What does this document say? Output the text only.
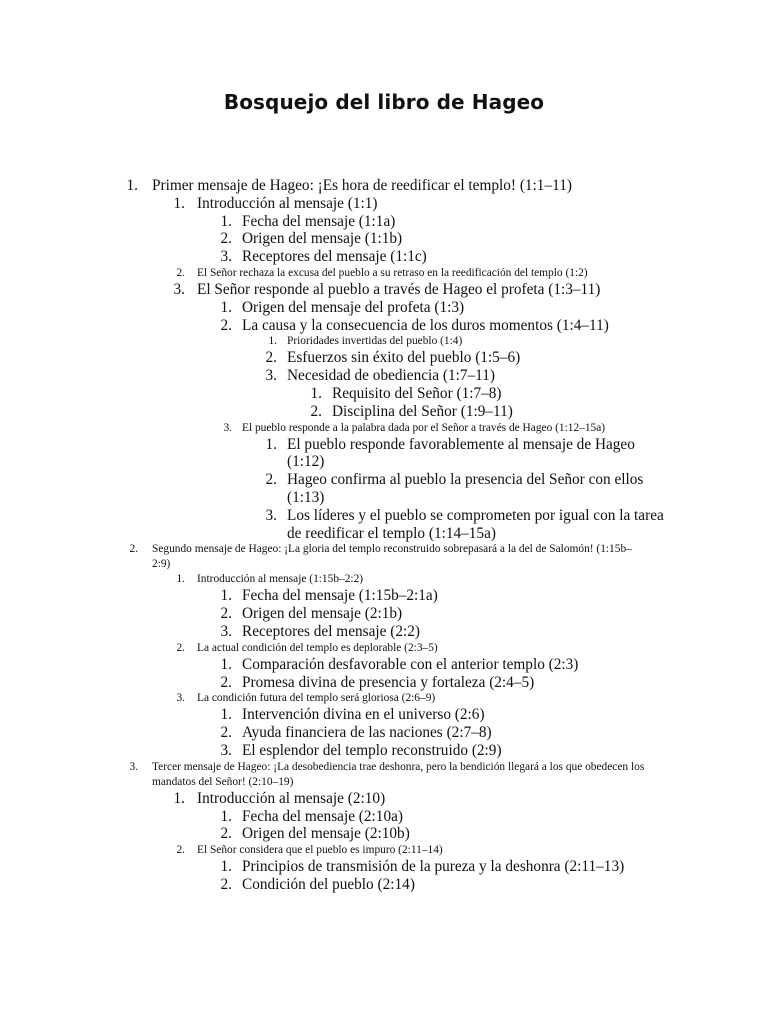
Bosquejo del libro de Hageo
1. Primer mensaje de Hageo: ¡Es hora de reedificar el templo! (1:1–11)
1. Introducción al mensaje (1:1)
1. Fecha del mensaje (1:1a)
2. Origen del mensaje (1:1b)
3. Receptores del mensaje (1:1c)
2. El Señor rechaza la excusa del pueblo a su retraso en la reedificación del templo (1:2)
3. El Señor responde al pueblo a través de Hageo el profeta (1:3–11)
1. Origen del mensaje del profeta (1:3)
2. La causa y la consecuencia de los duros momentos (1:4–11)
1. Prioridades invertidas del pueblo (1:4)
2. Esfuerzos sin éxito del pueblo (1:5–6)
3. Necesidad de obediencia (1:7–11)
1. Requisito del Señor (1:7–8)
2. Disciplina del Señor (1:9–11)
3. El pueblo responde a la palabra dada por el Señor a través de Hageo (1:12–15a)
1. El pueblo responde favorablemente al mensaje de Hageo (1:12)
2. Hageo confirma al pueblo la presencia del Señor con ellos (1:13)
3. Los líderes y el pueblo se comprometen por igual con la tarea de reedificar el templo (1:14–15a)
2. Segundo mensaje de Hageo: ¡La gloria del templo reconstruido sobrepasará a la del de Salomón! (1:15b–2:9)
1. Introducción al mensaje (1:15b–2:2)
1. Fecha del mensaje (1:15b–2:1a)
2. Origen del mensaje (2:1b)
3. Receptores del mensaje (2:2)
2. La actual condición del templo es deplorable (2:3–5)
1. Comparación desfavorable con el anterior templo (2:3)
2. Promesa divina de presencia y fortaleza (2:4–5)
3. La condición futura del templo será gloriosa (2:6–9)
1. Intervención divina en el universo (2:6)
2. Ayuda financiera de las naciones (2:7–8)
3. El esplendor del templo reconstruido (2:9)
3. Tercer mensaje de Hageo: ¡La desobediencia trae deshonra, pero la bendición llegará a los que obedecen los mandatos del Señor! (2:10–19)
1. Introducción al mensaje (2:10)
1. Fecha del mensaje (2:10a)
2. Origen del mensaje (2:10b)
2. El Señor considera que el pueblo es impuro (2:11–14)
1. Principios de transmisión de la pureza y la deshonra (2:11–13)
2. Condición del pueblo (2:14)
